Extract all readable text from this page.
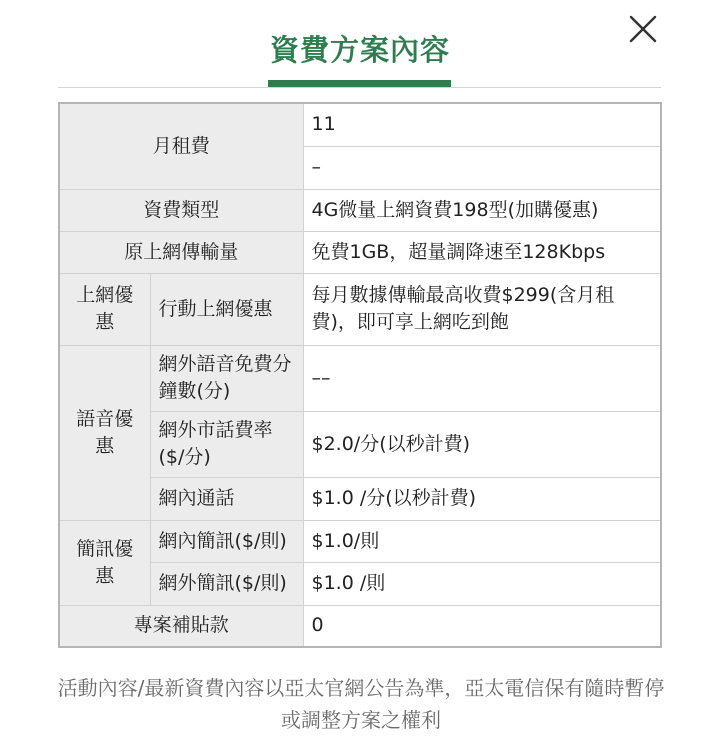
資費方案內容
月租費		11
		–
資費類型		4G微量上網資費198型(加購優惠)
原上網傳輸量		免費1GB，超量調降速至128Kbps
上網優惠	行動上網優惠	每月數據傳輸最高收費$299(含月租費)，即可享上網吃到飽
語音優惠	網外語音免費分鐘數(分)	––
	網外市話費率($/分)	$2.0/分(以秒計費)
	網內通話	$1.0 /分(以秒計費)
簡訊優惠	網內簡訊($/則)	$1.0/則
	網外簡訊($/則)	$1.0 /則
專案補貼款		0
活動內容/最新資費內容以亞太官網公告為準，亞太電信保有隨時暫停或調整方案之權利
